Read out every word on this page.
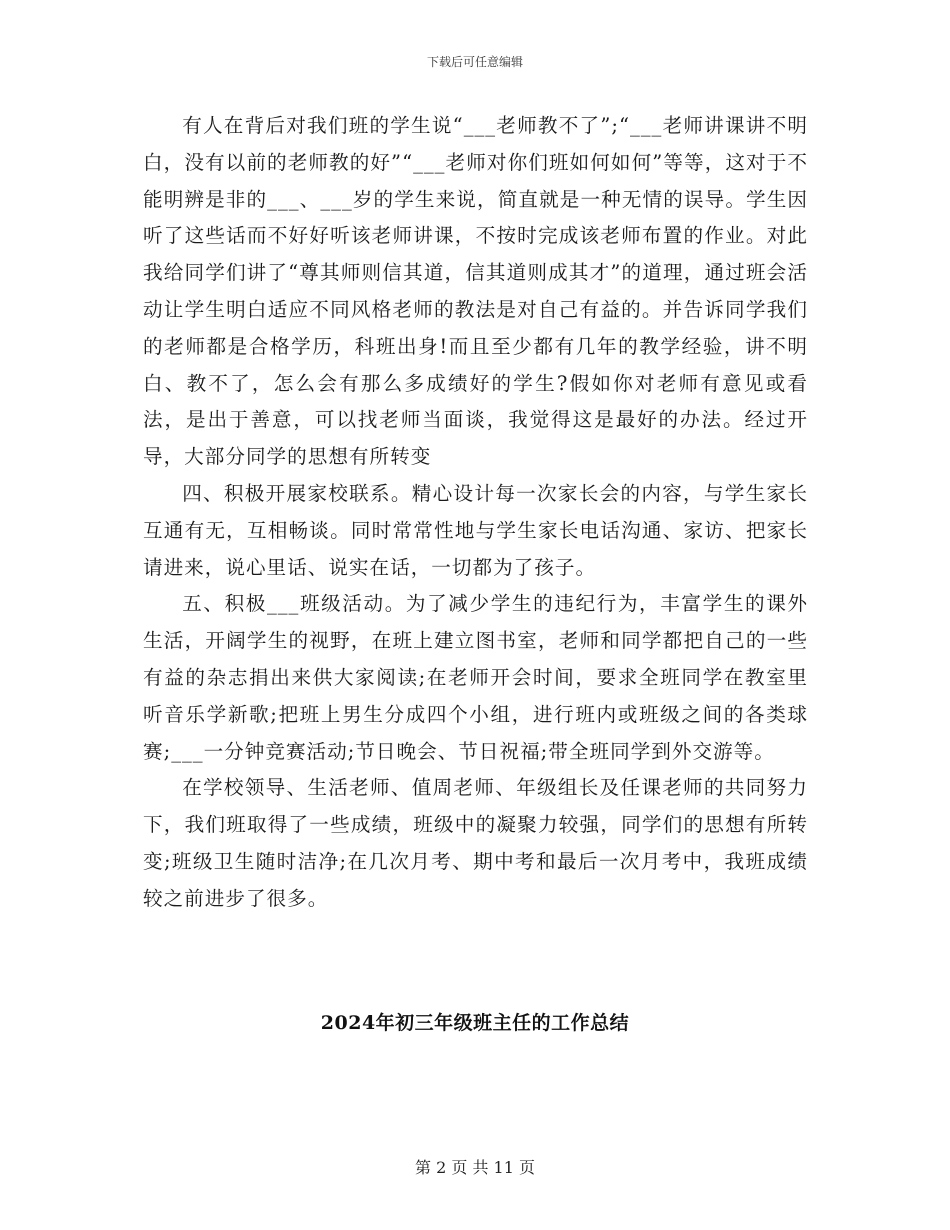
下载后可任意编辑

有人在背后对我们班的学生说“___老师教不了”;“___老师讲课讲不明白，没有以前的老师教的好”“___老师对你们班如何如何”等等，这对于不能明辨是非的___、___岁的学生来说，简直就是一种无情的误导。学生因听了这些话而不好好听该老师讲课，不按时完成该老师布置的作业。对此我给同学们讲了“尊其师则信其道，信其道则成其才”的道理，通过班会活动让学生明白适应不同风格老师的教法是对自己有益的。并告诉同学我们的老师都是合格学历，科班出身!而且至少都有几年的教学经验，讲不明白、教不了，怎么会有那么多成绩好的学生?假如你对老师有意见或看法，是出于善意，可以找老师当面谈，我觉得这是最好的办法。经过开导，大部分同学的思想有所转变

四、积极开展家校联系。精心设计每一次家长会的内容，与学生家长互通有无，互相畅谈。同时常常性地与学生家长电话沟通、家访、把家长请进来，说心里话、说实在话，一切都为了孩子。

五、积极___班级活动。为了减少学生的违纪行为，丰富学生的课外生活，开阔学生的视野，在班上建立图书室，老师和同学都把自己的一些有益的杂志捐出来供大家阅读;在老师开会时间，要求全班同学在教室里听音乐学新歌;把班上男生分成四个小组，进行班内或班级之间的各类球赛;___一分钟竞赛活动;节日晚会、节日祝福;带全班同学到外交游等。

在学校领导、生活老师、值周老师、年级组长及任课老师的共同努力下，我们班取得了一些成绩，班级中的凝聚力较强，同学们的思想有所转变;班级卫生随时洁净;在几次月考、期中考和最后一次月考中，我班成绩较之前进步了很多。

2024年初三年级班主任的工作总结
第 2 页 共 11 页
